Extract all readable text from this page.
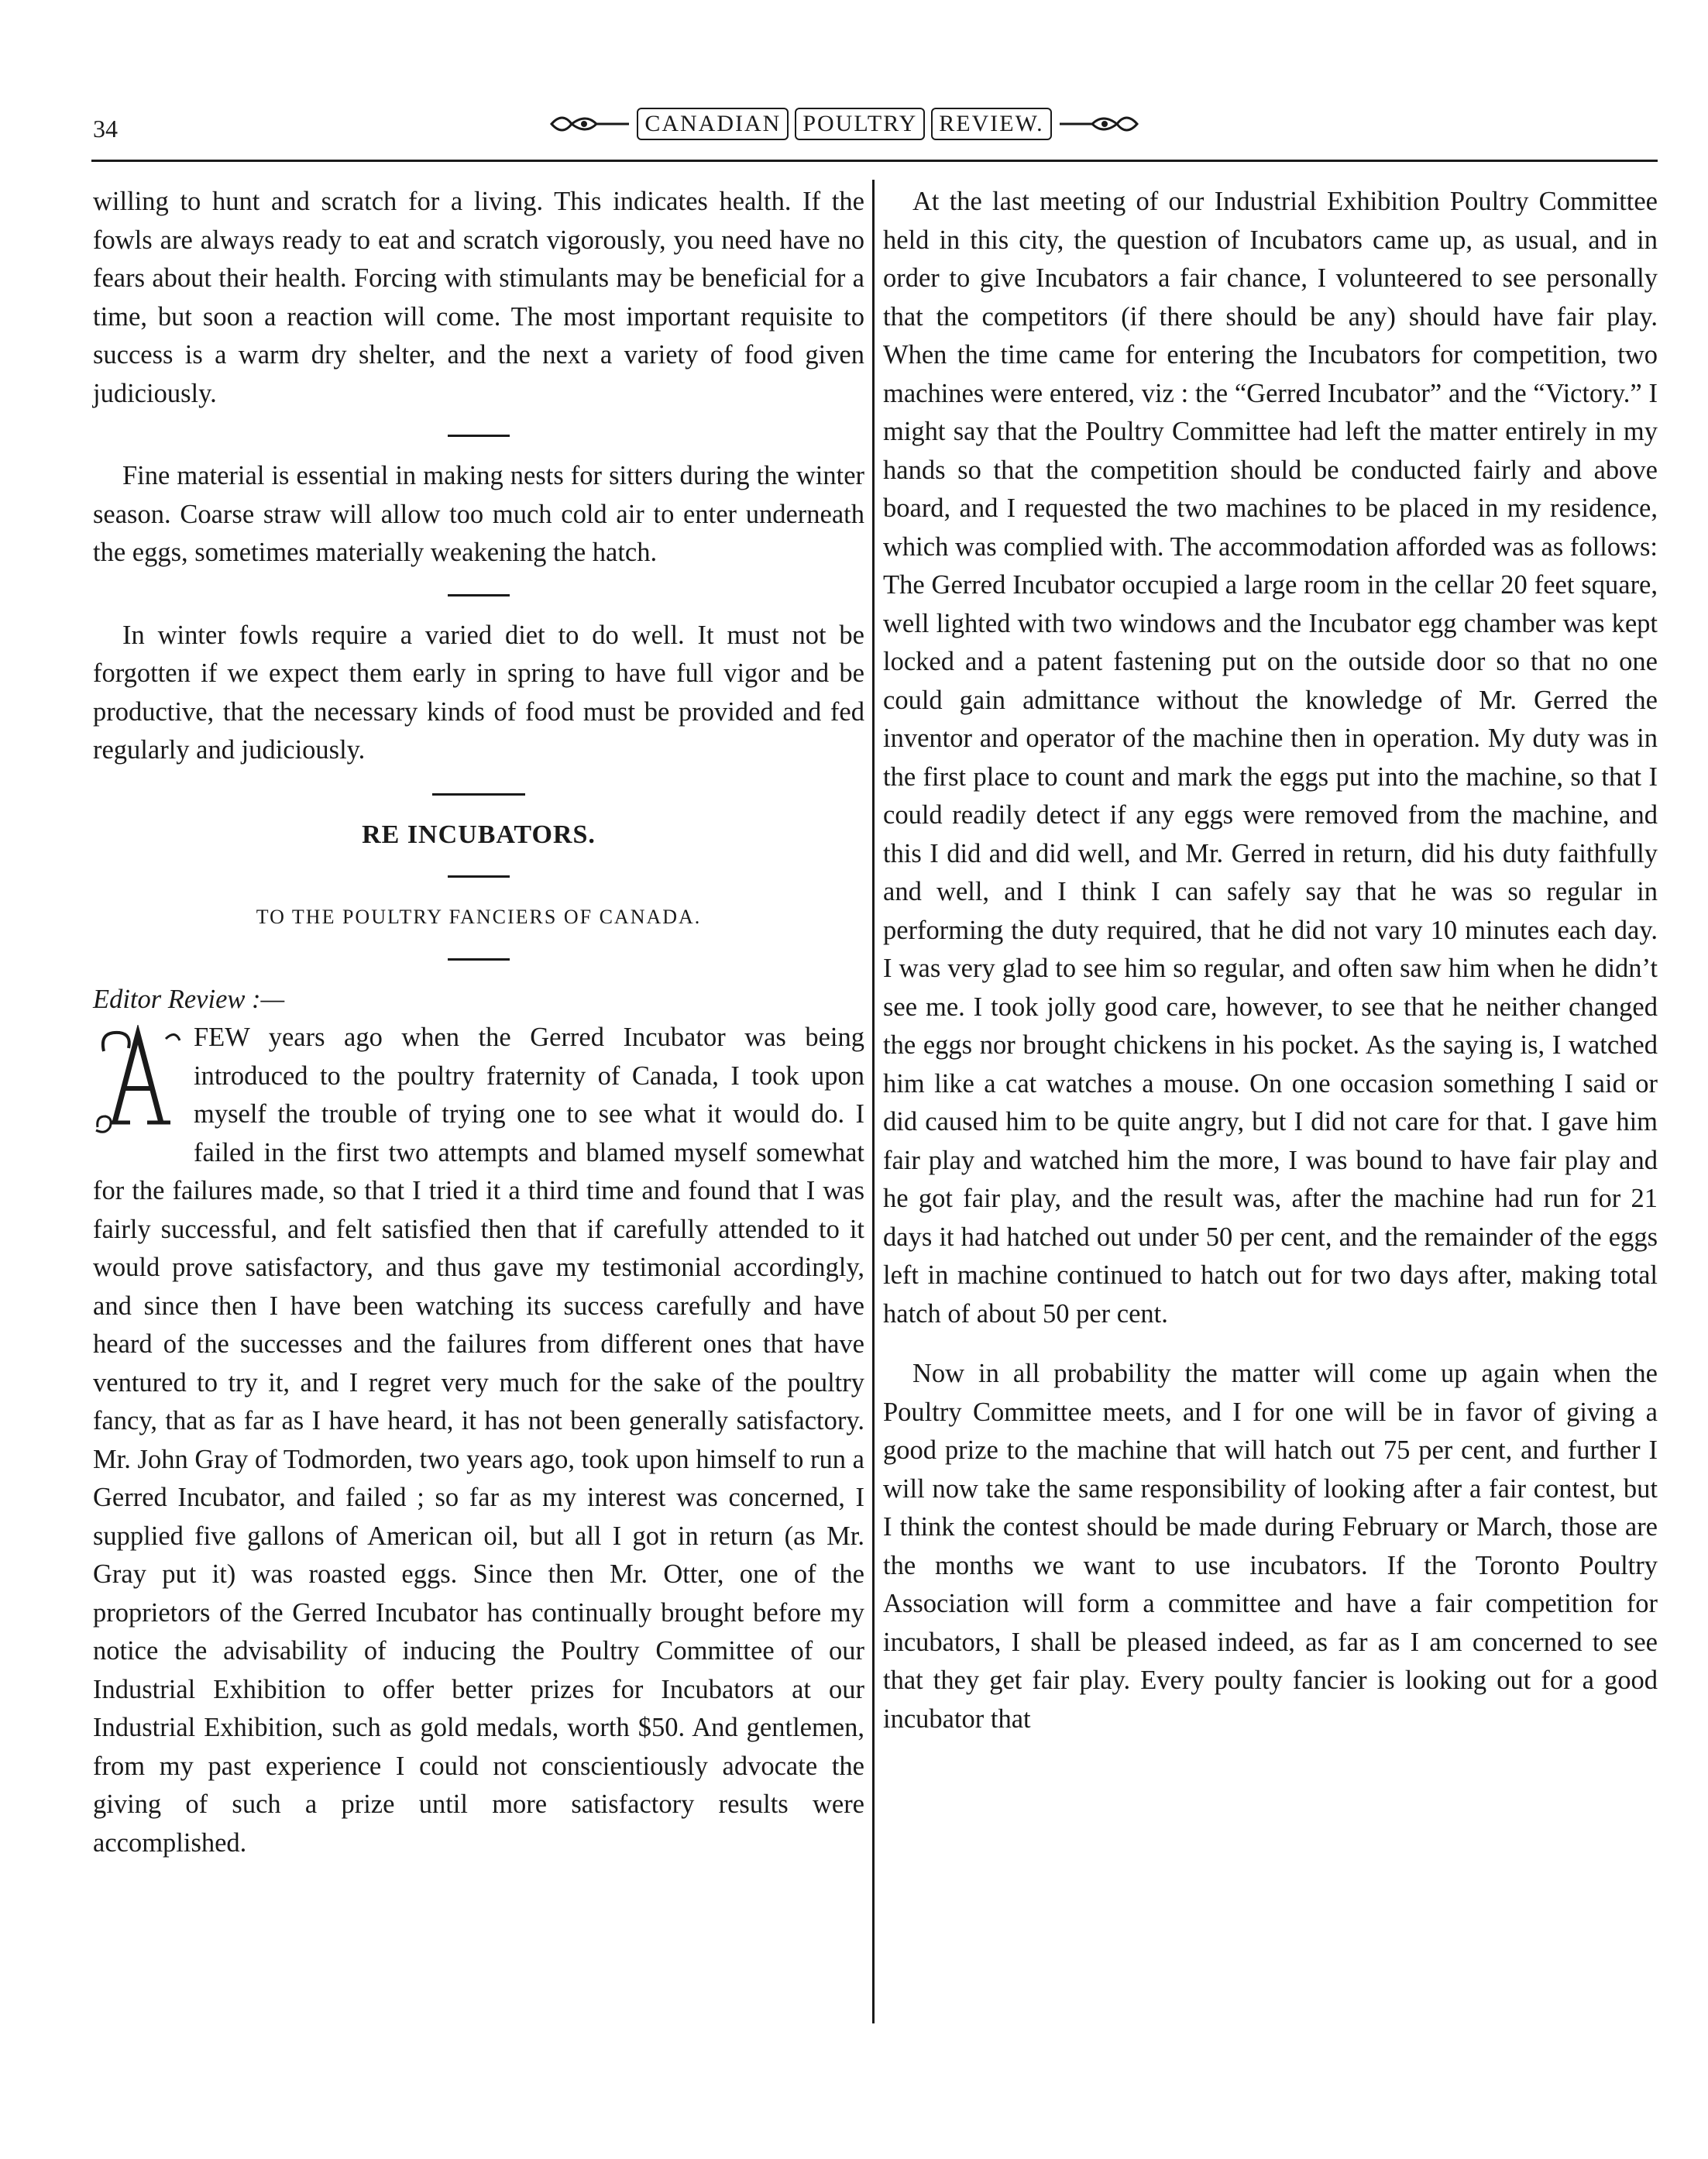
34	CANADIAN POULTRY REVIEW.

willing to hunt and scratch for a living. This indicates health. If the fowls are always ready to eat and scratch vigorously, you need have no fears about their health. Forcing with stimulants may be beneficial for a time, but soon a reaction will come. The most important requisite to success is a warm dry shelter, and the next a variety of food given judiciously.

Fine material is essential in making nests for sitters during the winter season. Coarse straw will allow too much cold air to enter underneath the eggs, sometimes materially weakening the hatch.

In winter fowls require a varied diet to do well. It must not be forgotten if we expect them early in spring to have full vigor and be productive, that the necessary kinds of food must be provided and fed regularly and judiciously.

RE INCUBATORS.
TO THE POULTRY FANCIERS OF CANADA.

Editor Review :—

FEW years ago when the Gerred Incubator was being introduced to the poultry fraternity of Canada, I took upon myself the trouble of trying one to see what it would do. I failed in the first two attempts and blamed myself somewhat for the failures made, so that I tried it a third time and found that I was fairly successful, and felt satisfied then that if carefully attended to it would prove satisfactory, and thus gave my testimonial accordingly, and since then I have been watching its success carefully and have heard of the successes and the failures from different ones that have ventured to try it, and I regret very much for the sake of the poultry fancy, that as far as I have heard, it has not been generally satisfactory. Mr. John Gray of Todmorden, two years ago, took upon himself to run a Gerred Incubator, and failed ; so far as my interest was concerned, I supplied five gallons of American oil, but all I got in return (as Mr. Gray put it) was roasted eggs. Since then Mr. Otter, one of the proprietors of the Gerred Incubator has continually brought before my notice the advisability of inducing the Poultry Committee of our Industrial Exhibition to offer better prizes for Incubators at our Industrial Exhibition, such as gold medals, worth $50. And gentlemen, from my past experience I could not conscientiously advocate the giving of such a prize until more satisfactory results were accomplished.

At the last meeting of our Industrial Exhibition Poultry Committee held in this city, the question of Incubators came up, as usual, and in order to give Incubators a fair chance, I volunteered to see personally that the competitors (if there should be any) should have fair play. When the time came for entering the Incubators for competition, two machines were entered, viz : the “Gerred Incubator” and the “Victory.” I might say that the Poultry Committee had left the matter entirely in my hands so that the competition should be conducted fairly and above board, and I requested the two machines to be placed in my residence, which was complied with. The accommodation afforded was as follows: The Gerred Incubator occupied a large room in the cellar 20 feet square, well lighted with two windows and the Incubator egg chamber was kept locked and a patent fastening put on the outside door so that no one could gain admittance without the knowledge of Mr. Gerred the inventor and operator of the machine then in operation. My duty was in the first place to count and mark the eggs put into the machine, so that I could readily detect if any eggs were removed from the machine, and this I did and did well, and Mr. Gerred in return, did his duty faithfully and well, and I think I can safely say that he was so regular in performing the duty required, that he did not vary 10 minutes each day. I was very glad to see him so regular, and often saw him when he didn’t see me. I took jolly good care, however, to see that he neither changed the eggs nor brought chickens in his pocket. As the saying is, I watched him like a cat watches a mouse. On one occasion something I said or did caused him to be quite angry, but I did not care for that. I gave him fair play and watched him the more, I was bound to have fair play and he got fair play, and the result was, after the machine had run for 21 days it had hatched out under 50 per cent, and the remainder of the eggs left in machine continued to hatch out for two days after, making total hatch of about 50 per cent.

Now in all probability the matter will come up again when the Poultry Committee meets, and I for one will be in favor of giving a good prize to the machine that will hatch out 75 per cent, and further I will now take the same responsibility of looking after a fair contest, but I think the contest should be made during February or March, those are the months we want to use incubators. If the Toronto Poultry Association will form a committee and have a fair competition for incubators, I shall be pleased indeed, as far as I am concerned to see that they get fair play. Every poulty fancier is looking out for a good incubator that
